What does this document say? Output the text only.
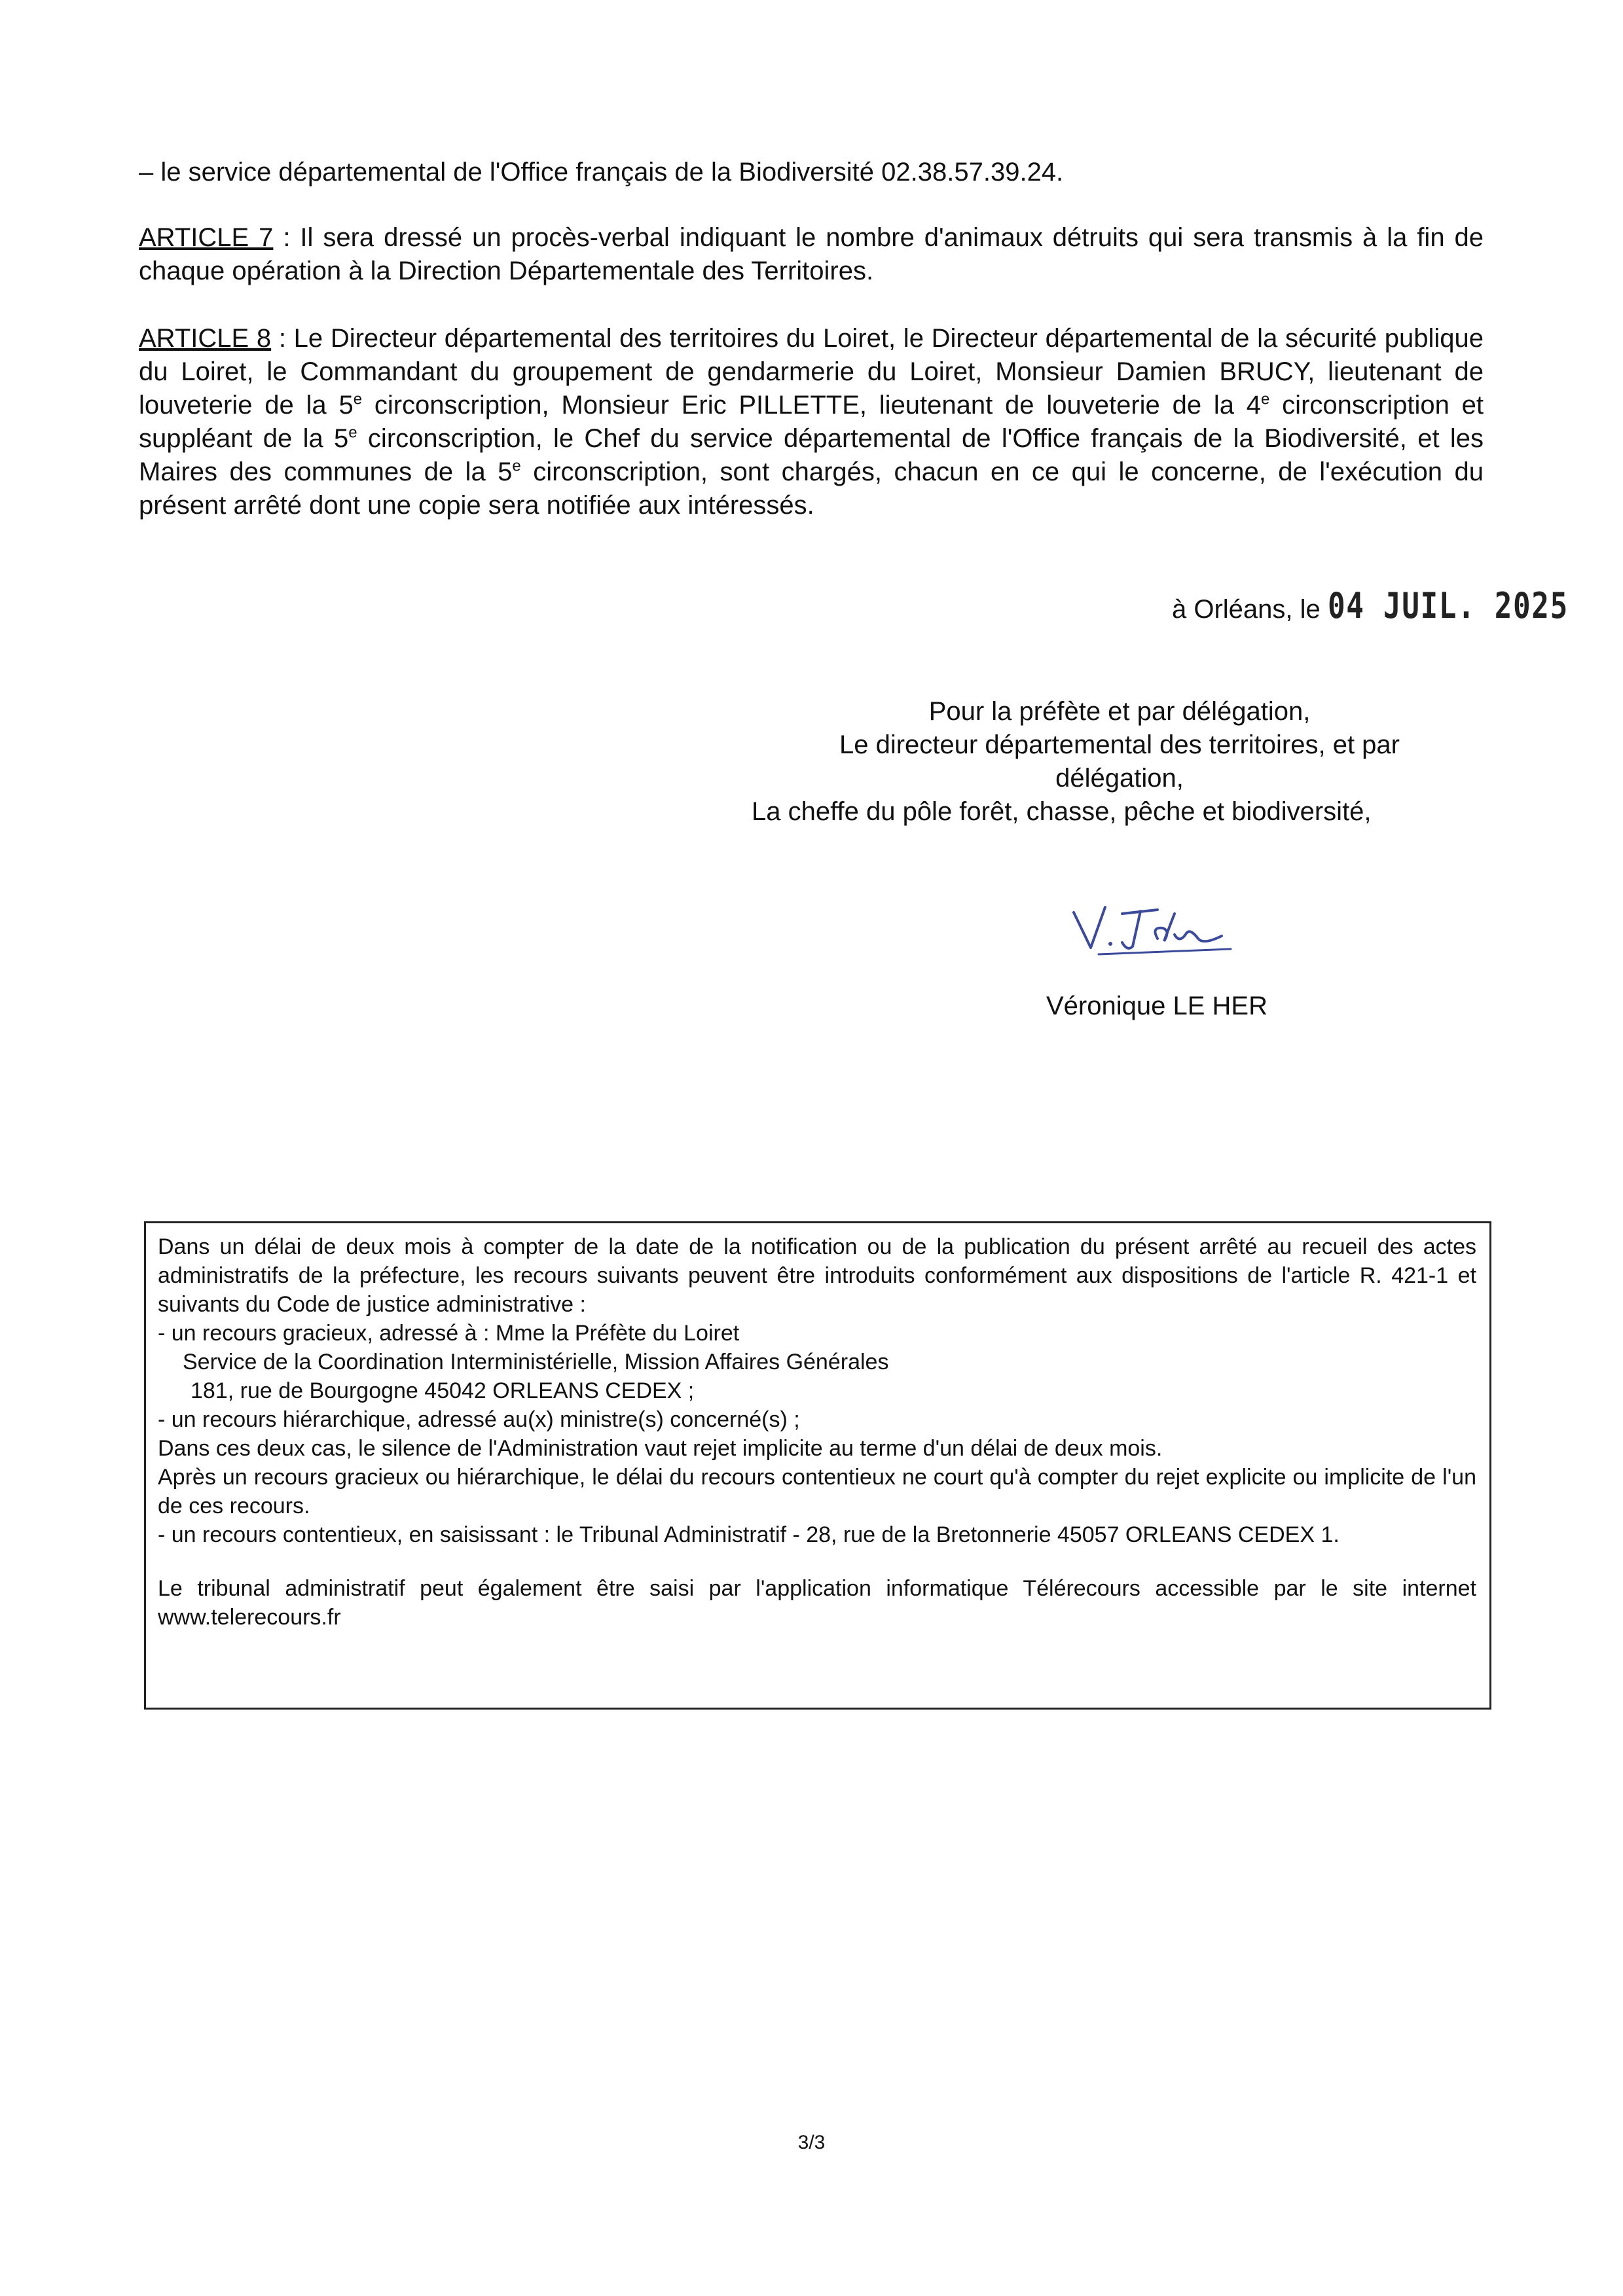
– le service départemental de l'Office français de la Biodiversité 02.38.57.39.24.

ARTICLE 7 : Il sera dressé un procès-verbal indiquant le nombre d'animaux détruits qui sera transmis à la fin de chaque opération à la Direction Départementale des Territoires.

ARTICLE 8 : Le Directeur départemental des territoires du Loiret, le Directeur départemental de la sécurité publique du Loiret, le Commandant du groupement de gendarmerie du Loiret, Monsieur Damien BRUCY, lieutenant de louveterie de la 5e circonscription, Monsieur Eric PILLETTE, lieutenant de louveterie de la 4e circonscription et suppléant de la 5e circonscription, le Chef du service départemental de l'Office français de la Biodiversité, et les Maires des communes de la 5e circonscription, sont chargés, chacun en ce qui le concerne, de l'exécution du présent arrêté dont une copie sera notifiée aux intéressés.

à Orléans, le 04 JUIL. 2025
Pour la préfète et par délégation,
Le directeur départemental des territoires, et par
délégation,
La cheffe du pôle forêt, chasse, pêche et biodiversité,
Véronique LE HER

Dans un délai de deux mois à compter de la date de la notification ou de la publication du présent arrêté au recueil des actes administratifs de la préfecture, les recours suivants peuvent être introduits conformément aux dispositions de l'article R. 421-1 et suivants du Code de justice administrative :

- un recours gracieux, adressé à : Mme la Préfète du Loiret

Service de la Coordination Interministérielle, Mission Affaires Générales

181, rue de Bourgogne 45042 ORLEANS CEDEX ;

- un recours hiérarchique, adressé au(x) ministre(s) concerné(s) ;

Dans ces deux cas, le silence de l'Administration vaut rejet implicite au terme d'un délai de deux mois.

Après un recours gracieux ou hiérarchique, le délai du recours contentieux ne court qu'à compter du rejet explicite ou implicite de l'un de ces recours.

- un recours contentieux, en saisissant : le Tribunal Administratif - 28, rue de la Bretonnerie 45057 ORLEANS CEDEX 1.

Le tribunal administratif peut également être saisi par l'application informatique Télérecours accessible par le site internet www.telerecours.fr

3/3
